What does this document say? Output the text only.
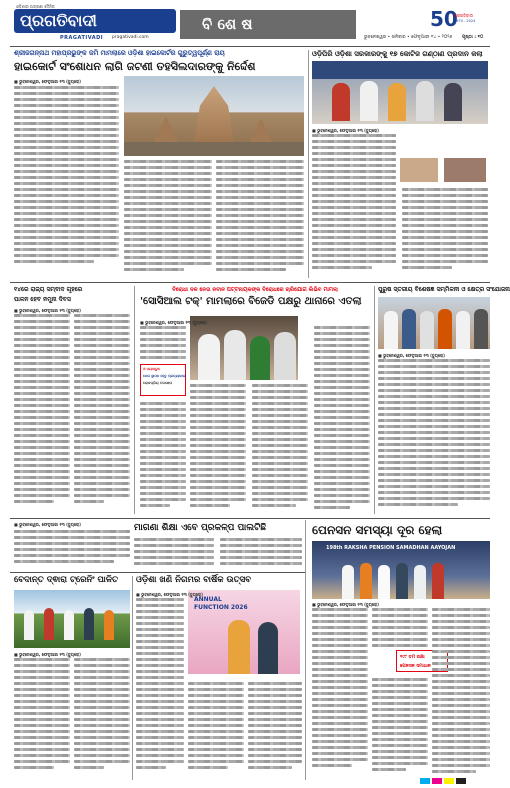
ଓଡ଼ିଶାର ଅଗ୍ରଣୀ ଦୈନିକ
ପ୍ରଗତିବାଦୀ
PRAGATIVADI pragativadi.com
ବି ଶେ ଷ	50
ପ୍ରଗତିବାଦୀ
1974 - 2024
ଭୁବନେଶ୍ୱର • ଶନିବାର • ଫେବୃଆରୀ ୧୪ • ୨୦୨୬ ପୃଷ୍ଠା : ୧୦
ଶ୍ରୀଜଗନ୍ନାଥ ମହାପ୍ରଭୁଙ୍କ ଜମି ମାମଲାରେ ଓଡ଼ିଶା ହାଇକୋର୍ଟର ଗୁରୁତ୍ୱପୂର୍ଣ୍ଣ ରାୟ
ହାଇକୋର୍ଟ ସଂଶୋଧନ ଲାଗି ଜଟଣୀ ତହସିଲଦାରଙ୍କୁ ନିର୍ଦ୍ଦେଶ
■ ଭୁବନେଶ୍ୱର, ଫେବୃଆରୀ ୧୩ (ବ୍ୟୁରୋ)
ଓଡ଼ିପିରି ଓଡ଼ିଶା ସରକାରଙ୍କୁ ୧୭ କୋଟିଜ ଗଣ୍ଠାଣ ପ୍ରଦାନ କଲା
■ ଭୁବନେଶ୍ୱର, ଫେବୃଆରୀ ୧୩ (ବ୍ୟୁରୋ)
୧୪ରେ ରାଜ୍ୟ ସମ୍ବାଦ ଗୃହରେ
ପାଳନ ହେବ ନମୁନା ଦିବସ
■ ଭୁବନେଶ୍ୱର, ଫେବୃଆରୀ ୧୩ (ବ୍ୟୁରୋ)
ବିରୋଧୀ ଦଳ ନେତା ନବୀନ ପଟ୍ଟନାୟକଙ୍କ ବିରୋଧରେ ଚାରିଯୋଗ ଲିଭିବ ମାମଲା
'ସୋସିଆଲ ଟକ୍' ମାମଲାରେ ବିଜେଡି ପକ୍ଷରୁ ଥାନାରେ ଏତଲା
■ ଭୁବନେଶ୍ୱର, ଫେବୃଆରୀ ୧୩ (ବ୍ୟୁରୋ)
ଓ ଦୟାଦ୍ରୁତ
ନେତା ସ୍ଥାପନ ହେତୁ ପ୍ରତ୍ୟାକାରୀ
ଲୋକପ୍ରିୟ ପଦକ୍ଷେପ
ପୁରୁଷ ସ୍ତରୀୟ ବିଶେଷଜ୍ଞ ସମ୍ମିଳନୀ ଓ କ୍ଷେତ୍ର ସଂଯୋଜନା
■ ଭୁବନେଶ୍ୱର, ଫେବୃଆରୀ ୧୩ (ବ୍ୟୁରୋ)
■ ଭୁବନେଶ୍ୱର, ଫେବୃଆରୀ ୧୩ (ବ୍ୟୁରୋ)	ମାଗଣା ଶିକ୍ଷା ଏବେ ପ୍ରକଳ୍ପ ପାଲଟିଛି	ପେନସନ ସମସ୍ୟା ଦୂର ହେଲା
198th RAKSHA PENSION SAMADHAN AAYOJAN
■ ଭୁବନେଶ୍ୱର, ଫେବୃଆରୀ ୧୩ (ବ୍ୟୁରୋ)
୧୯୮ ତମ ରକ୍ଷା
ପେନସନ ସମାଧାନ
ବେଦାନ୍ତ ଦ୍ଵାରା ଟ୍ରେନିଂ ପାଳିତ
■ ଭୁବନେଶ୍ୱର, ଫେବୃଆରୀ ୧୩ (ବ୍ୟୁରୋ)
ଓଡ଼ିଶା ଖଣି ନିଗମର ବାର୍ଷିକ ଉତ୍ସବ
ANNUAL
FUNCTION 2026
■ ଭୁବନେଶ୍ୱର, ଫେବୃଆରୀ ୧୩ (ବ୍ୟୁରୋ)
